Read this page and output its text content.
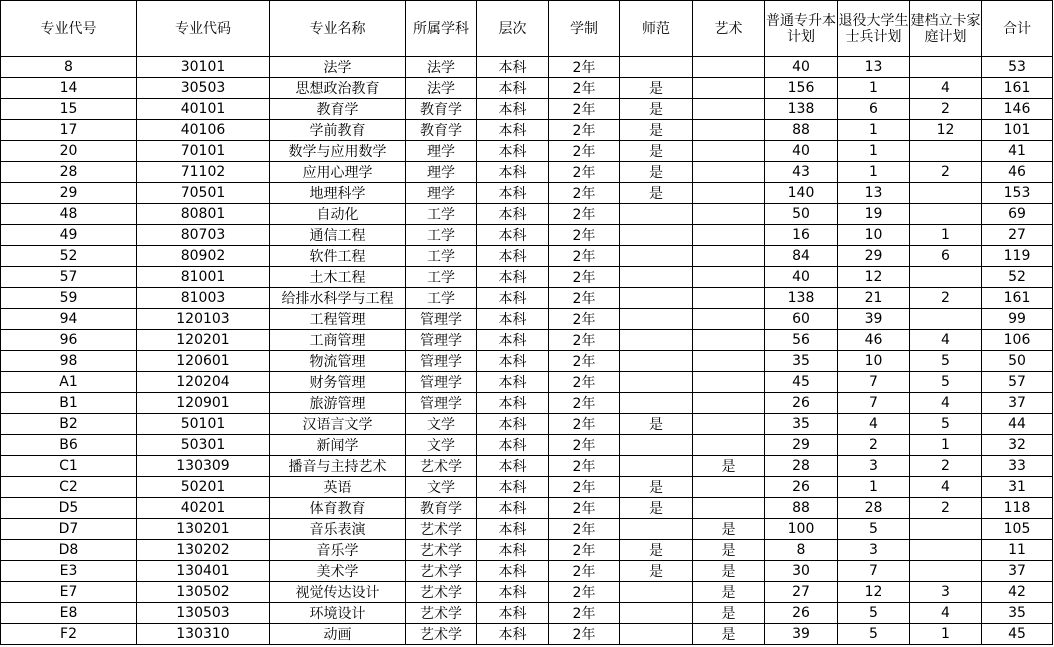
专业代号	专业代码	专业名称	所属学科	层次	学制	师范	艺术	普通专升本计划	退役大学生士兵计划	建档立卡家庭计划	合计
8	30101	法学	法学	本科	2年			40	13		53
14	30503	思想政治教育	法学	本科	2年	是		156	1	4	161
15	40101	教育学	教育学	本科	2年	是		138	6	2	146
17	40106	学前教育	教育学	本科	2年	是		88	1	12	101
20	70101	数学与应用数学	理学	本科	2年	是		40	1		41
28	71102	应用心理学	理学	本科	2年	是		43	1	2	46
29	70501	地理科学	理学	本科	2年	是		140	13		153
48	80801	自动化	工学	本科	2年			50	19		69
49	80703	通信工程	工学	本科	2年			16	10	1	27
52	80902	软件工程	工学	本科	2年			84	29	6	119
57	81001	土木工程	工学	本科	2年			40	12		52
59	81003	给排水科学与工程	工学	本科	2年			138	21	2	161
94	120103	工程管理	管理学	本科	2年			60	39		99
96	120201	工商管理	管理学	本科	2年			56	46	4	106
98	120601	物流管理	管理学	本科	2年			35	10	5	50
A1	120204	财务管理	管理学	本科	2年			45	7	5	57
B1	120901	旅游管理	管理学	本科	2年			26	7	4	37
B2	50101	汉语言文学	文学	本科	2年	是		35	4	5	44
B6	50301	新闻学	文学	本科	2年			29	2	1	32
C1	130309	播音与主持艺术	艺术学	本科	2年		是	28	3	2	33
C2	50201	英语	文学	本科	2年	是		26	1	4	31
D5	40201	体育教育	教育学	本科	2年	是		88	28	2	118
D7	130201	音乐表演	艺术学	本科	2年		是	100	5		105
D8	130202	音乐学	艺术学	本科	2年	是	是	8	3		11
E3	130401	美术学	艺术学	本科	2年	是	是	30	7		37
E7	130502	视觉传达设计	艺术学	本科	2年		是	27	12	3	42
E8	130503	环境设计	艺术学	本科	2年		是	26	5	4	35
F2	130310	动画	艺术学	本科	2年		是	39	5	1	45
